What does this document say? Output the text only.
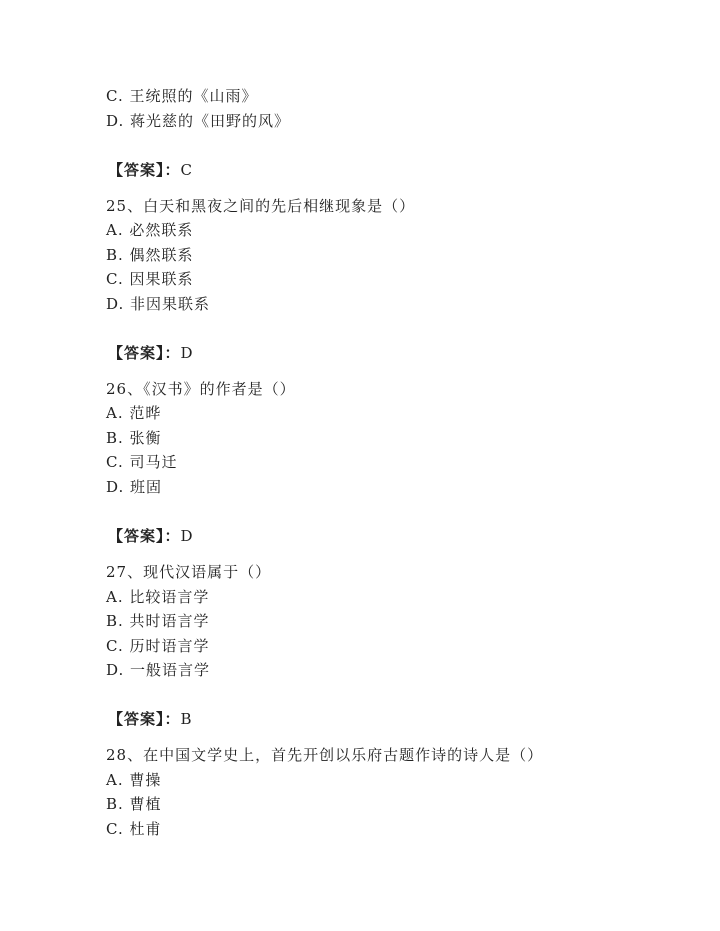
C. 王统照的《山雨》
D. 蒋光慈的《田野的风》
【答案】：C
25、白天和黑夜之间的先后相继现象是（）
A. 必然联系
B. 偶然联系
C. 因果联系
D. 非因果联系
【答案】：D
26、《汉书》的作者是（）
A. 范晔
B. 张衡
C. 司马迁
D. 班固
【答案】：D
27、现代汉语属于（）
A. 比较语言学
B. 共时语言学
C. 历时语言学
D. 一般语言学
【答案】：B
28、在中国文学史上，首先开创以乐府古题作诗的诗人是（）
A. 曹操
B. 曹植
C. 杜甫
